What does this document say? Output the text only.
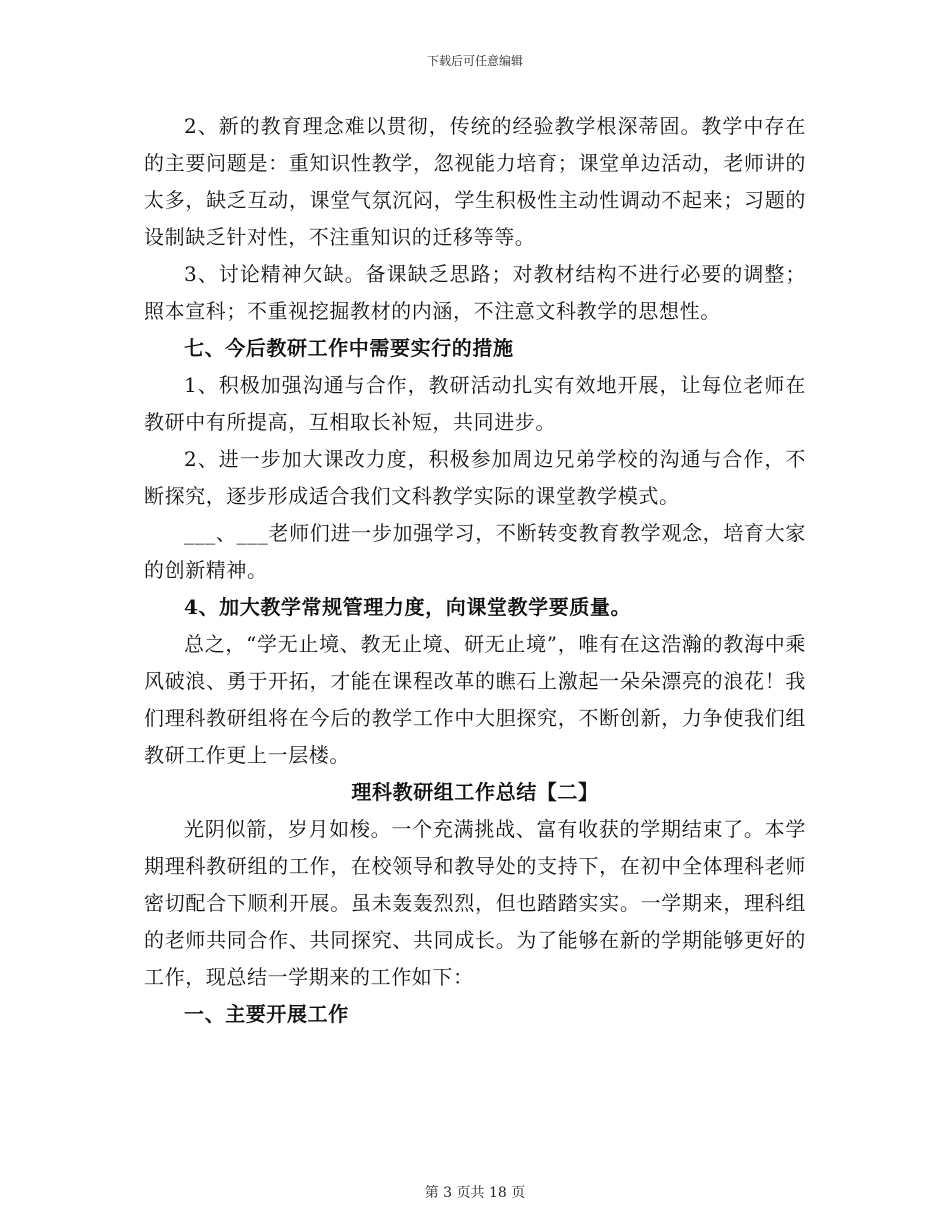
下载后可任意编辑

2、新的教育理念难以贯彻，传统的经验教学根深蒂固。教学中存在的主要问题是：重知识性教学，忽视能力培育；课堂单边活动，老师讲的太多，缺乏互动，课堂气氛沉闷，学生积极性主动性调动不起来；习题的设制缺乏针对性，不注重知识的迁移等等。

3、讨论精神欠缺。备课缺乏思路；对教材结构不进行必要的调整；照本宣科；不重视挖掘教材的内涵，不注意文科教学的思想性。

七、今后教研工作中需要实行的措施

1、积极加强沟通与合作，教研活动扎实有效地开展，让每位老师在教研中有所提高，互相取长补短，共同进步。

2、进一步加大课改力度，积极参加周边兄弟学校的沟通与合作，不断探究，逐步形成适合我们文科教学实际的课堂教学模式。

___、___老师们进一步加强学习，不断转变教育教学观念，培育大家的创新精神。

4、加大教学常规管理力度，向课堂教学要质量。

总之，“学无止境、教无止境、研无止境”，唯有在这浩瀚的教海中乘风破浪、勇于开拓，才能在课程改革的瞧石上激起一朵朵漂亮的浪花！我们理科教研组将在今后的教学工作中大胆探究，不断创新，力争使我们组教研工作更上一层楼。

理科教研组工作总结【二】

光阴似箭，岁月如梭。一个充满挑战、富有收获的学期结束了。本学期理科教研组的工作，在校领导和教导处的支持下，在初中全体理科老师密切配合下顺利开展。虽未轰轰烈烈，但也踏踏实实。一学期来，理科组的老师共同合作、共同探究、共同成长。为了能够在新的学期能够更好的工作，现总结一学期来的工作如下：

一、主要开展工作

第 3 页共 18 页
